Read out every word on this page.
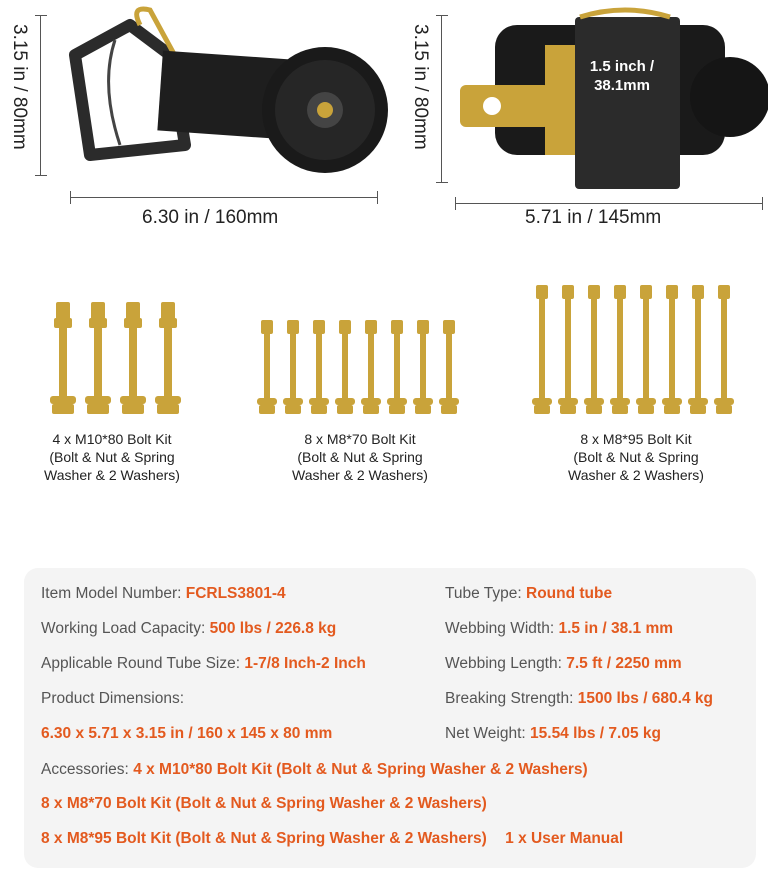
3.15 in / 80mm
6.30 in / 160mm
3.15 in / 80mm	1.5 inch / 38.1mm
5.71 in / 145mm
4 x M10*80 Bolt Kit
(Bolt & Nut & Spring
Washer & 2 Washers)
8 x M8*70 Bolt Kit
(Bolt & Nut & Spring
Washer & 2 Washers)
8 x M8*95 Bolt Kit
(Bolt & Nut & Spring
Washer & 2 Washers)
Item Model Number: FCRLS3801-4
Working Load Capacity: 500 lbs / 226.8 kg
Applicable Round Tube Size: 1-7/8 Inch-2 Inch
Product Dimensions:
6.30 x 5.71 x 3.15 in / 160 x 145 x 80 mm
Accessories: 4 x M10*80 Bolt Kit (Bolt & Nut & Spring Washer & 2 Washers)
8 x M8*70 Bolt Kit (Bolt & Nut & Spring Washer & 2 Washers)
8 x M8*95 Bolt Kit (Bolt & Nut & Spring Washer & 2 Washers) 1 x User Manual
Tube Type: Round tube
Webbing Width: 1.5 in / 38.1 mm
Webbing Length: 7.5 ft / 2250 mm
Breaking Strength: 1500 lbs / 680.4 kg
Net Weight: 15.54 lbs / 7.05 kg
